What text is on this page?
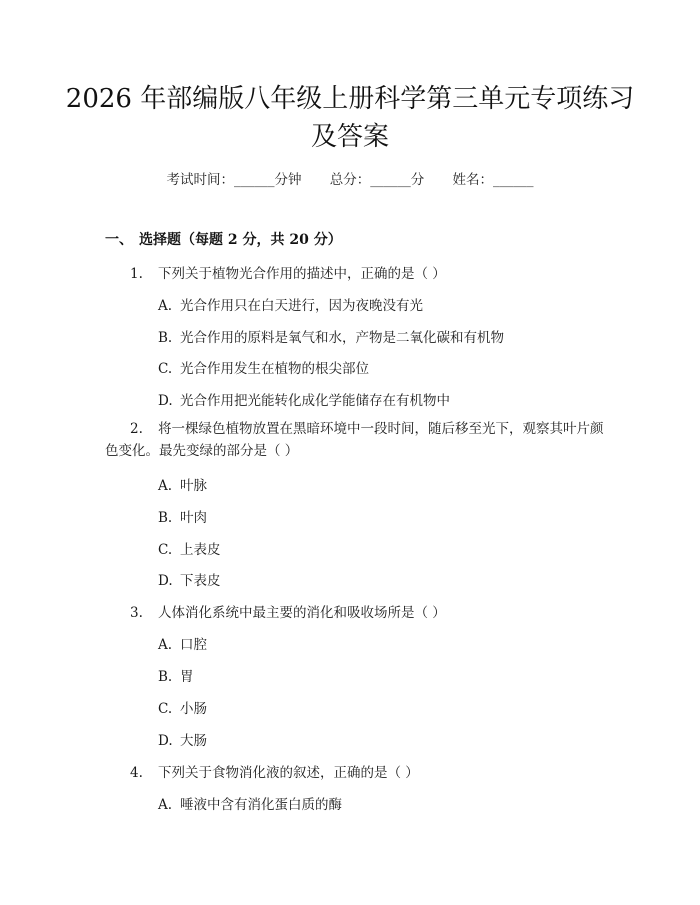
2026 年部编版八年级上册科学第三单元专项练习及答案
考试时间：______分钟 总分：______分 姓名：______
一、 选择题（每题 2 分，共 20 分）
1. 下列关于植物光合作用的描述中，正确的是（ ）
A. 光合作用只在白天进行，因为夜晚没有光
B. 光合作用的原料是氧气和水，产物是二氧化碳和有机物
C. 光合作用发生在植物的根尖部位
D. 光合作用把光能转化成化学能储存在有机物中
2. 将一棵绿色植物放置在黑暗环境中一段时间，随后移至光下，观察其叶片颜色变化。最先变绿的部分是（ ）
A. 叶脉
B. 叶肉
C. 上表皮
D. 下表皮
3. 人体消化系统中最主要的消化和吸收场所是（ ）
A. 口腔
B. 胃
C. 小肠
D. 大肠
4. 下列关于食物消化液的叙述，正确的是（ ）
A. 唾液中含有消化蛋白质的酶
